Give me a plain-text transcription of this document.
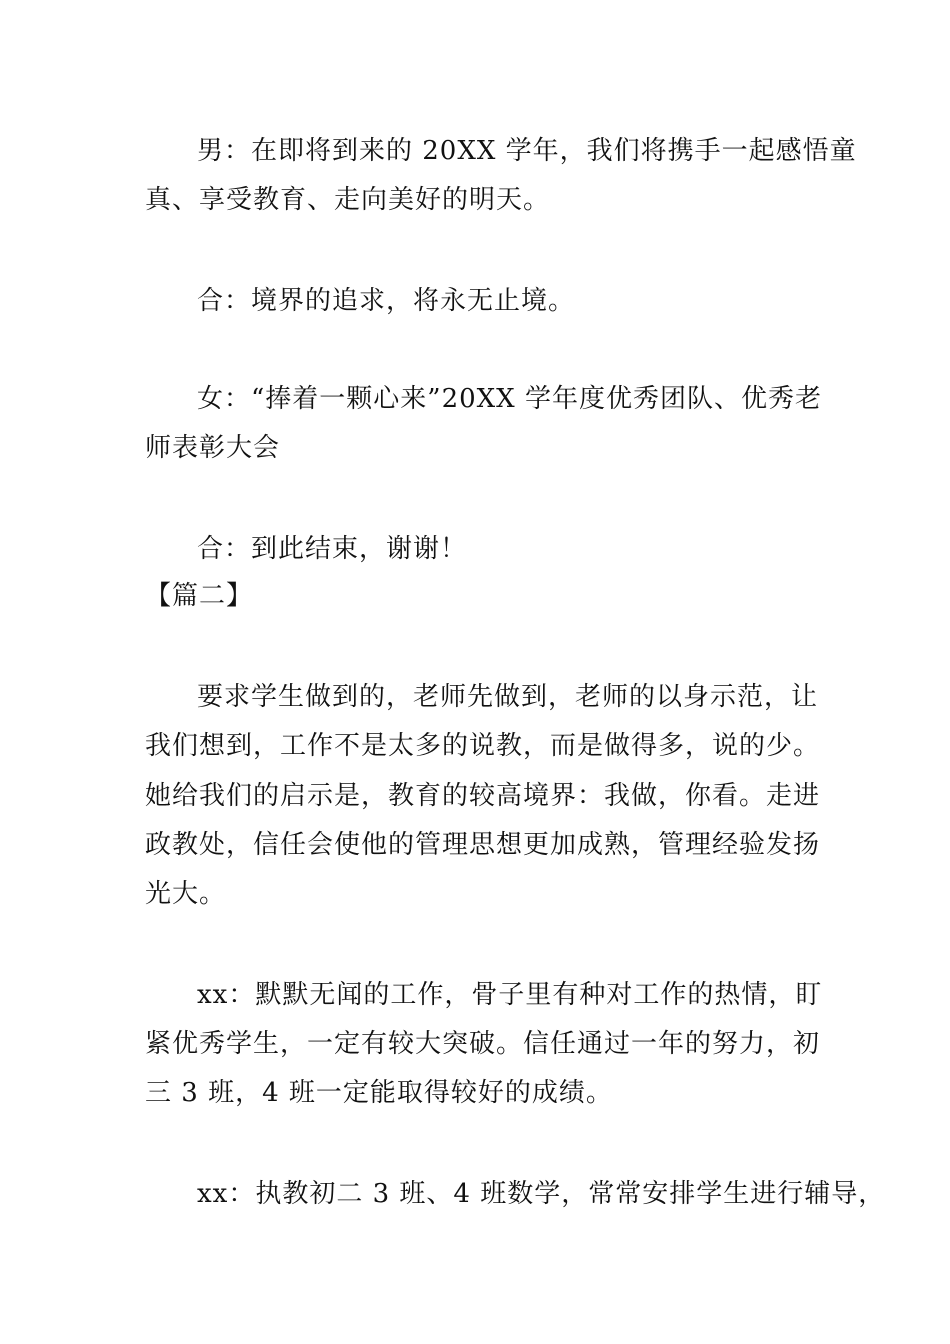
男：在即将到来的 20XX 学年，我们将携手一起感悟童
真、享受教育、走向美好的明天。
合：境界的追求，将永无止境。
女：“捧着一颗心来”20XX 学年度优秀团队、优秀老
师表彰大会
合：到此结束，谢谢！
【篇二】
要求学生做到的，老师先做到，老师的以身示范，让
我们想到，工作不是太多的说教，而是做得多，说的少。
她给我们的启示是，教育的较高境界：我做，你看。走进
政教处，信任会使他的管理思想更加成熟，管理经验发扬
光大。
xx：默默无闻的工作，骨子里有种对工作的热情，盯
紧优秀学生，一定有较大突破。信任通过一年的努力，初
三 3 班，4 班一定能取得较好的成绩。
xx：执教初二 3 班、4 班数学，常常安排学生进行辅导，
